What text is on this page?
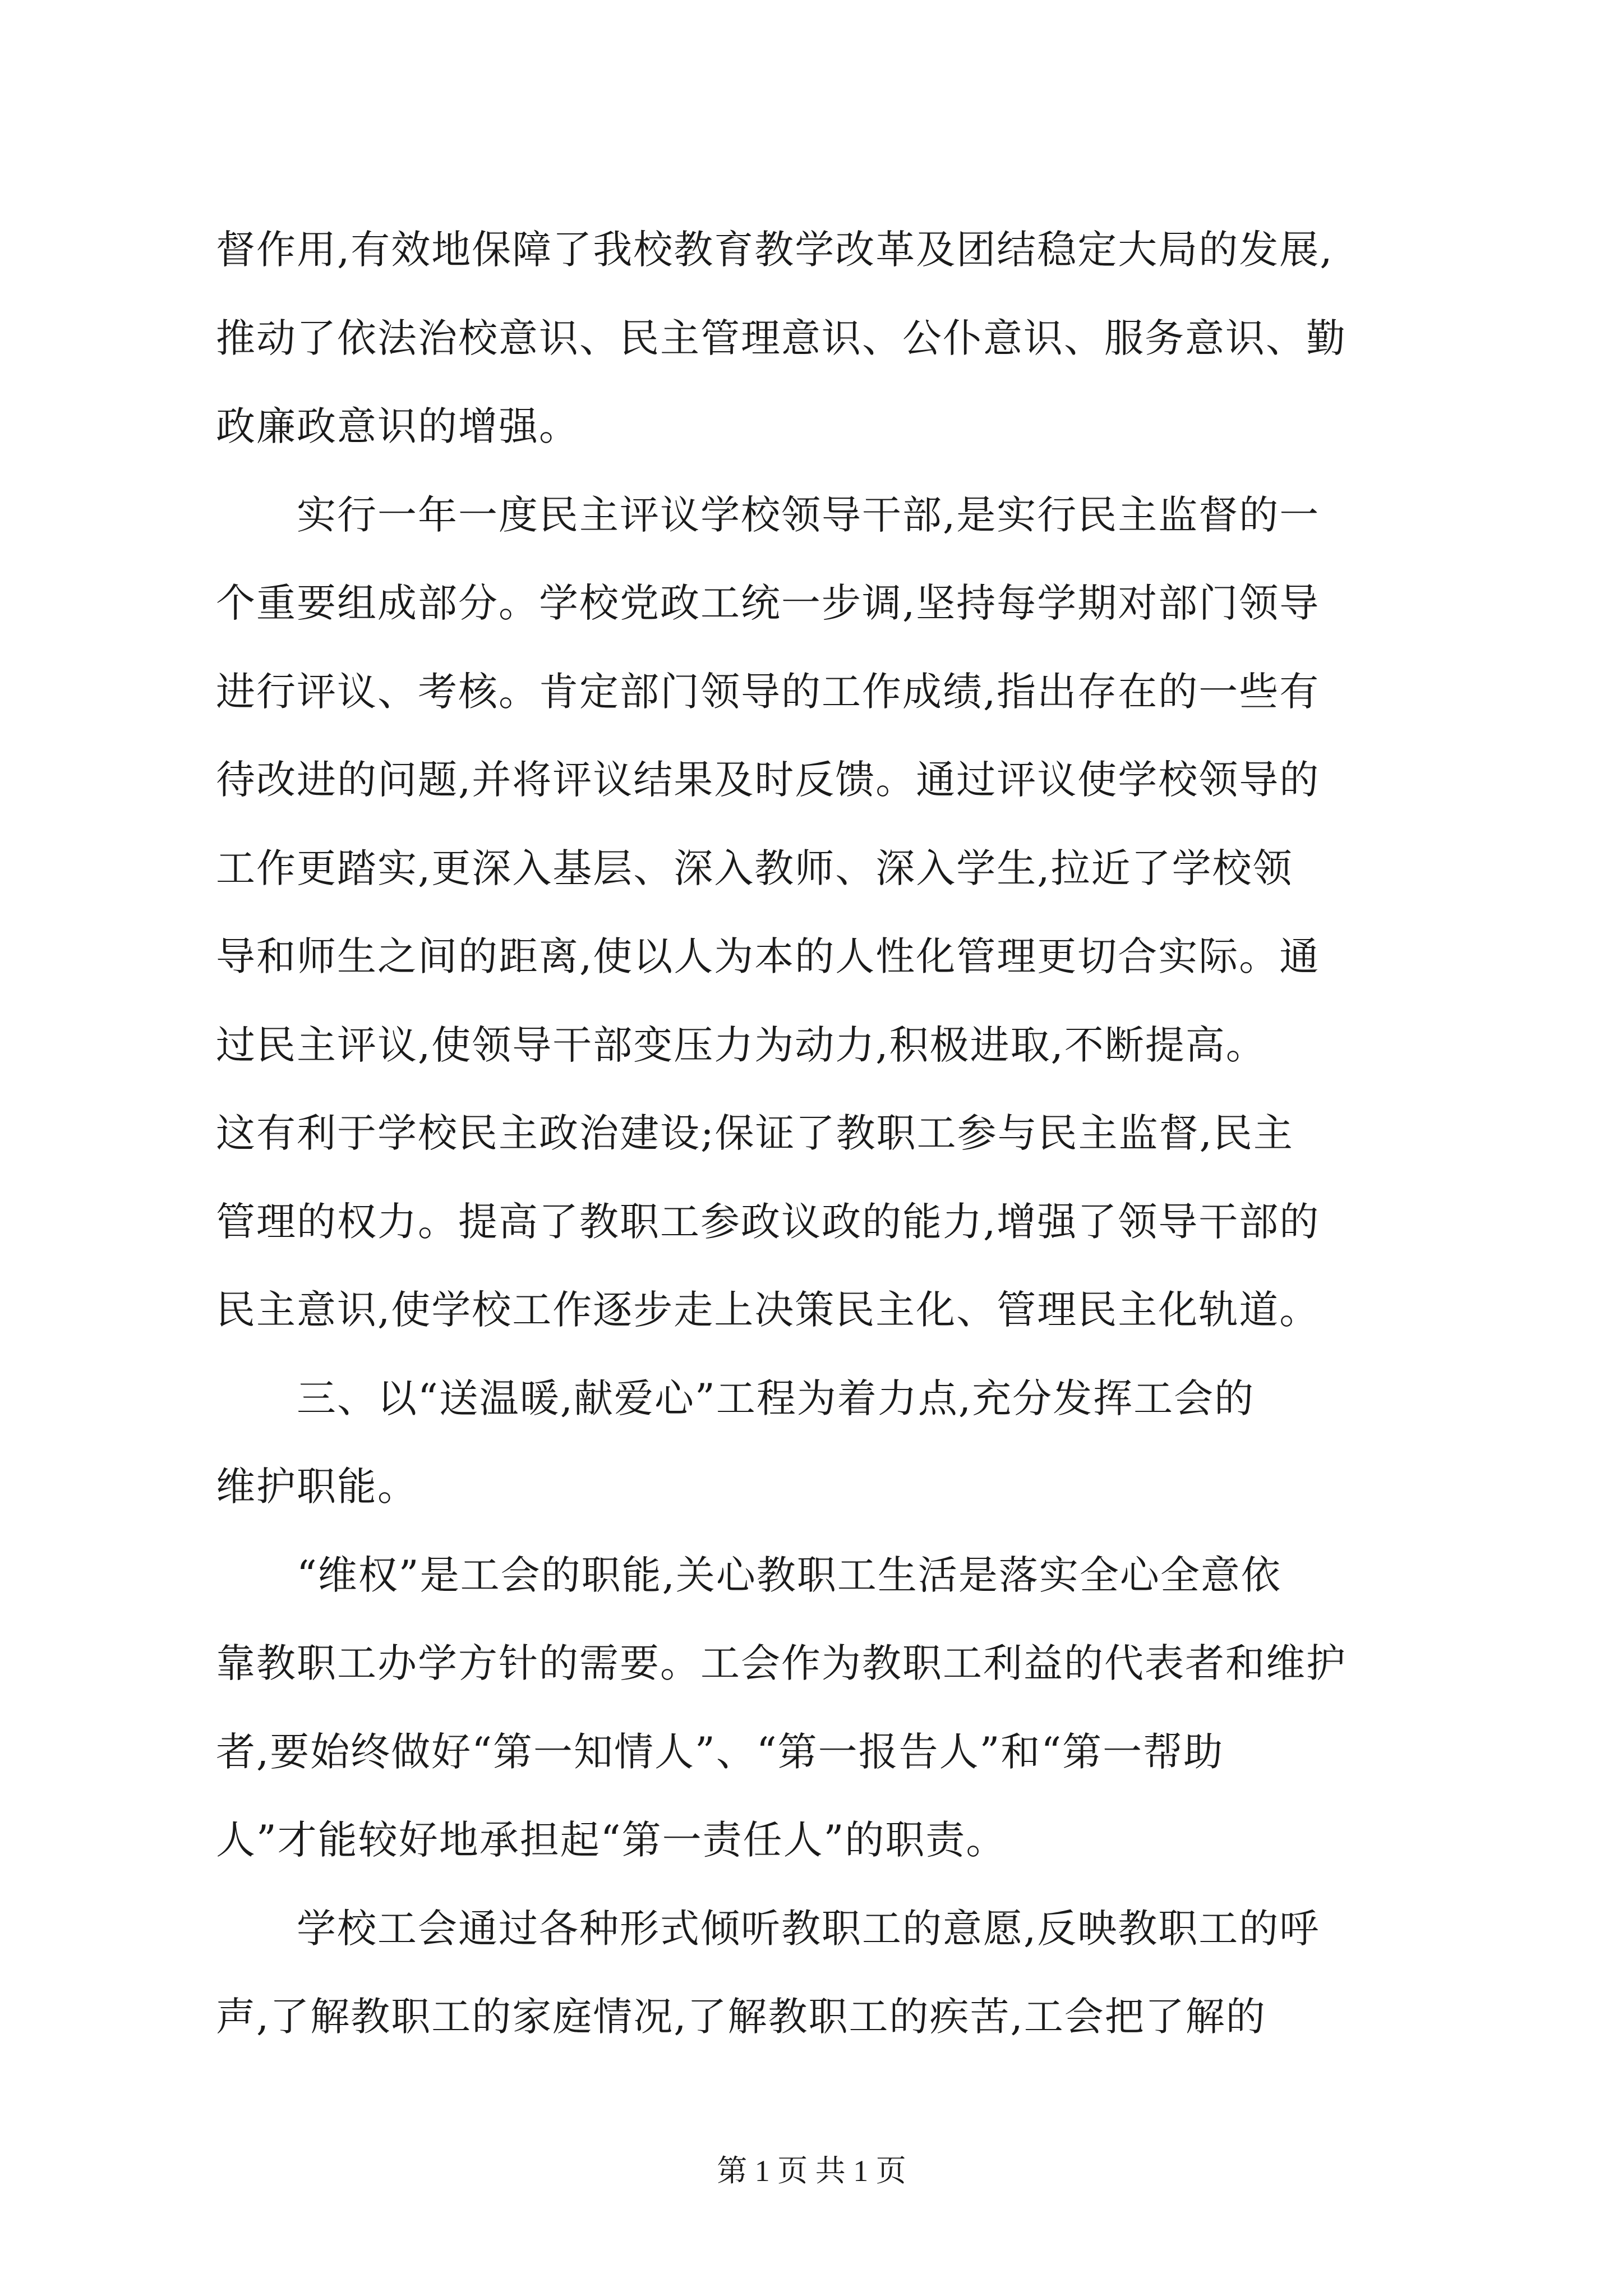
督作用,有效地保障了我校教育教学改革及团结稳定大局的发展,
推动了依法治校意识、民主管理意识、公仆意识、服务意识、勤
政廉政意识的增强。
　　实行一年一度民主评议学校领导干部,是实行民主监督的一
个重要组成部分。学校党政工统一步调,坚持每学期对部门领导
进行评议、考核。肯定部门领导的工作成绩,指出存在的一些有
待改进的问题,并将评议结果及时反馈。通过评议使学校领导的
工作更踏实,更深入基层、深入教师、深入学生,拉近了学校领
导和师生之间的距离,使以人为本的人性化管理更切合实际。通
过民主评议,使领导干部变压力为动力,积极进取,不断提高。
这有利于学校民主政治建设;保证了教职工参与民主监督,民主
管理的权力。提高了教职工参政议政的能力,增强了领导干部的
民主意识,使学校工作逐步走上决策民主化、管理民主化轨道。
　　三、以“送温暖,献爱心”工程为着力点,充分发挥工会的
维护职能。
　　“维权”是工会的职能,关心教职工生活是落实全心全意依
靠教职工办学方针的需要。工会作为教职工利益的代表者和维护
者,要始终做好“第一知情人”、“第一报告人”和“第一帮助
人”才能较好地承担起“第一责任人”的职责。
　　学校工会通过各种形式倾听教职工的意愿,反映教职工的呼
声,了解教职工的家庭情况,了解教职工的疾苦,工会把了解的
第 1 页 共 1 页
